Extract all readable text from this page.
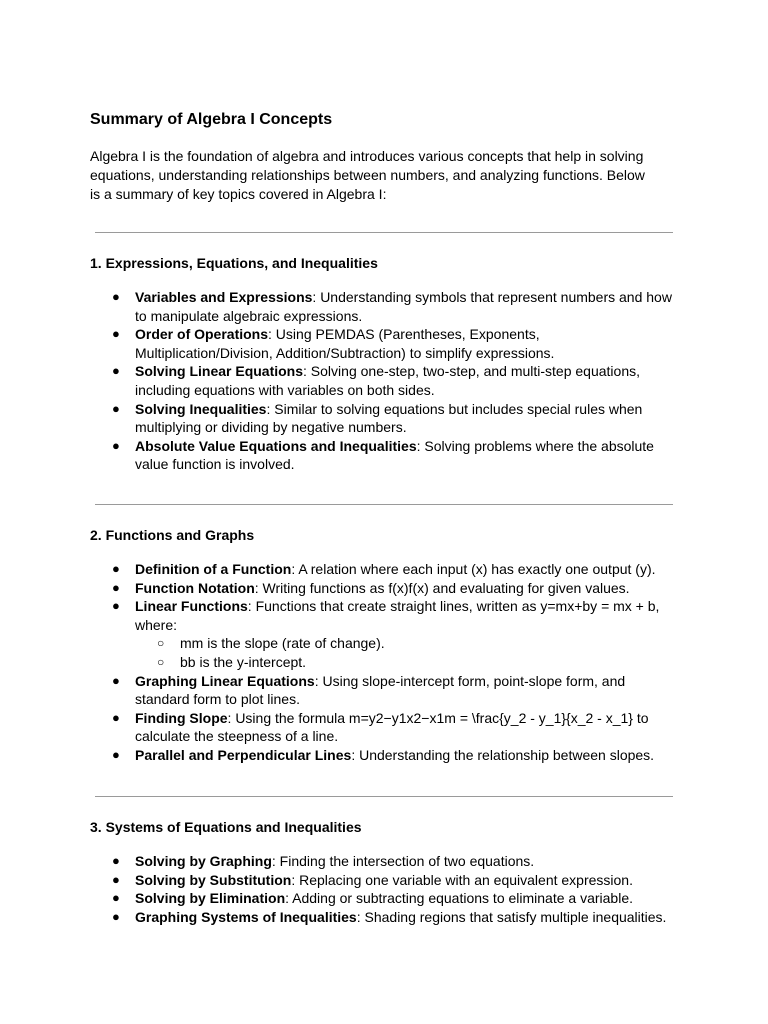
Summary of Algebra I Concepts
Algebra I is the foundation of algebra and introduces various concepts that help in solving equations, understanding relationships between numbers, and analyzing functions. Below is a summary of key topics covered in Algebra I:
1. Expressions, Equations, and Inequalities
● Variables and Expressions: Understanding symbols that represent numbers and how to manipulate algebraic expressions.
● Order of Operations: Using PEMDAS (Parentheses, Exponents, Multiplication/Division, Addition/Subtraction) to simplify expressions.
● Solving Linear Equations: Solving one-step, two-step, and multi-step equations, including equations with variables on both sides.
● Solving Inequalities: Similar to solving equations but includes special rules when multiplying or dividing by negative numbers.
● Absolute Value Equations and Inequalities: Solving problems where the absolute value function is involved.
2. Functions and Graphs
● Definition of a Function: A relation where each input (x) has exactly one output (y).
● Function Notation: Writing functions as f(x)f(x) and evaluating for given values.
● Linear Functions: Functions that create straight lines, written as y=mx+by = mx + b, where:
○ mm is the slope (rate of change).
○ bb is the y-intercept.
● Graphing Linear Equations: Using slope-intercept form, point-slope form, and standard form to plot lines.
● Finding Slope: Using the formula m=y2−y1x2−x1m = \frac{y_2 - y_1}{x_2 - x_1} to calculate the steepness of a line.
● Parallel and Perpendicular Lines: Understanding the relationship between slopes.
3. Systems of Equations and Inequalities
● Solving by Graphing: Finding the intersection of two equations.
● Solving by Substitution: Replacing one variable with an equivalent expression.
● Solving by Elimination: Adding or subtracting equations to eliminate a variable.
● Graphing Systems of Inequalities: Shading regions that satisfy multiple inequalities.
